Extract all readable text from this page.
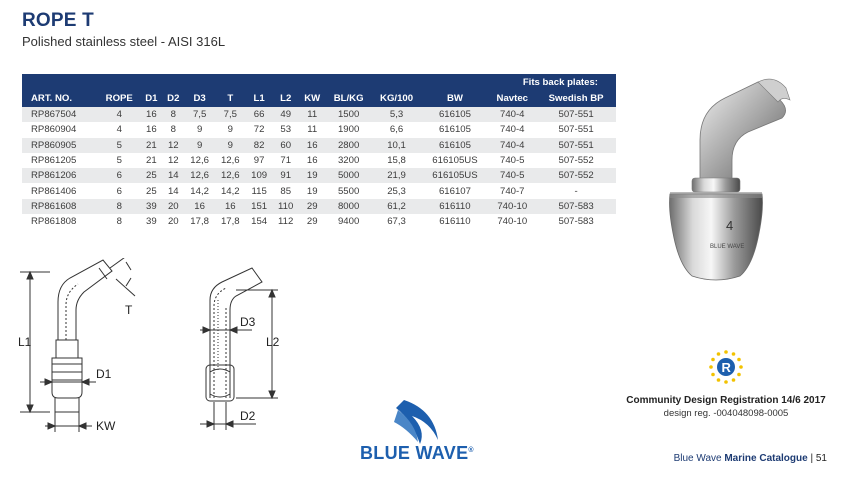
ROPE T
Polished stainless steel - AISI 316L
											Fits back plates:		
ART. NO.	ROPE	D1	D2	D3	T	L1	L2	KW	BL/KG	KG/100	BW	Navtec	Swedish BP
RP867504	4	16	8	7,5	7,5	66	49	11	1500	5,3	616105	740-4	507-551
RP860904	4	16	8	9	9	72	53	11	1900	6,6	616105	740-4	507-551
RP860905	5	21	12	9	9	82	60	16	2800	10,1	616105	740-4	507-551
RP861205	5	21	12	12,6	12,6	97	71	16	3200	15,8	616105US	740-5	507-552
RP861206	6	25	14	12,6	12,6	109	91	19	5000	21,9	616105US	740-5	507-552
RP861406	6	25	14	14,2	14,2	115	85	19	5500	25,3	616107	740-7	-
RP861608	8	39	20	16	16	151	110	29	8000	61,2	616110	740-10	507-583
RP861808	8	39	20	17,8	17,8	154	112	29	9400	67,3	616110	740-10	507-583
L1
T
D1
KW
D3
L2
D2
4
BLUE WAVE
BLUE WAVE®
R
Community Design Registration 14/6 2017
design reg. -004048098-0005
Blue Wave Marine Catalogue | 51
